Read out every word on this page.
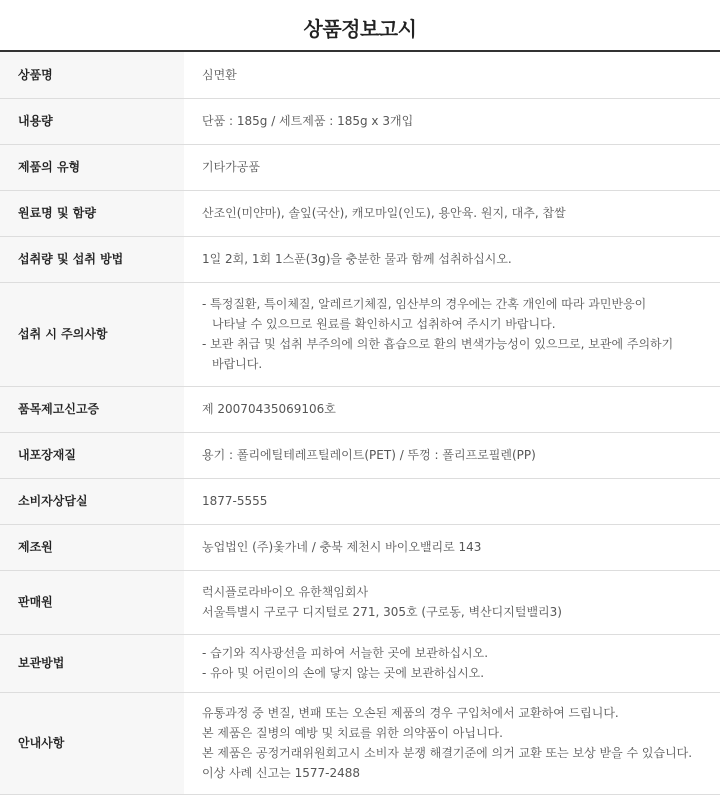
상품정보고시
상품명	심면환

내용량	단품 : 185g / 세트제품 : 185g x 3개입

제품의 유형	기타가공품

원료명 및 함량	산조인(미얀마), 솔잎(국산), 캐모마일(인도), 용안육. 원지, 대추, 찹쌀

섭취량 및 섭취 방법	1일 2회, 1회 1스푼(3g)을 충분한 물과 함께 섭취하십시오.

섭취 시 주의사항	- 특정질환, 특이체질, 알레르기체질, 임산부의 경우에는 간혹 개인에 따라 과민반응이
나타날 수 있으므로 원료를 확인하시고 섭취하여 주시기 바랍니다.
- 보관 취급 및 섭취 부주의에 의한 흡습으로 환의 변색가능성이 있으므로, 보관에 주의하기
바랍니다.

품목제고신고증	제 20070435069106호

내포장재질	용기 : 폴리에틸테레프틸레이트(PET) / 뚜껑 : 폴리프로필렌(PP)

소비자상담실	1877-5555

제조원	농업법인 (주)옻가네 / 충북 제천시 바이오밸리로 143

판매원	럭시플로라바이오 유한책임회사
서울특별시 구로구 디지털로 271, 305호 (구로동, 벽산디지털밸리3)

보관방법	- 습기와 직사광선을 피하여 서늘한 곳에 보관하십시오.
- 유아 및 어린이의 손에 닿지 않는 곳에 보관하십시오.

안내사항	유통과정 중 변질, 변패 또는 오손된 제품의 경우 구입처에서 교환하여 드립니다.
본 제품은 질병의 예방 및 치료를 위한 의약품이 아닙니다.
본 제품은 공정거래위원회고시 소비자 분쟁 해결기준에 의거 교환 또는 보상 받을 수 있습니다.
이상 사례 신고는 1577-2488
